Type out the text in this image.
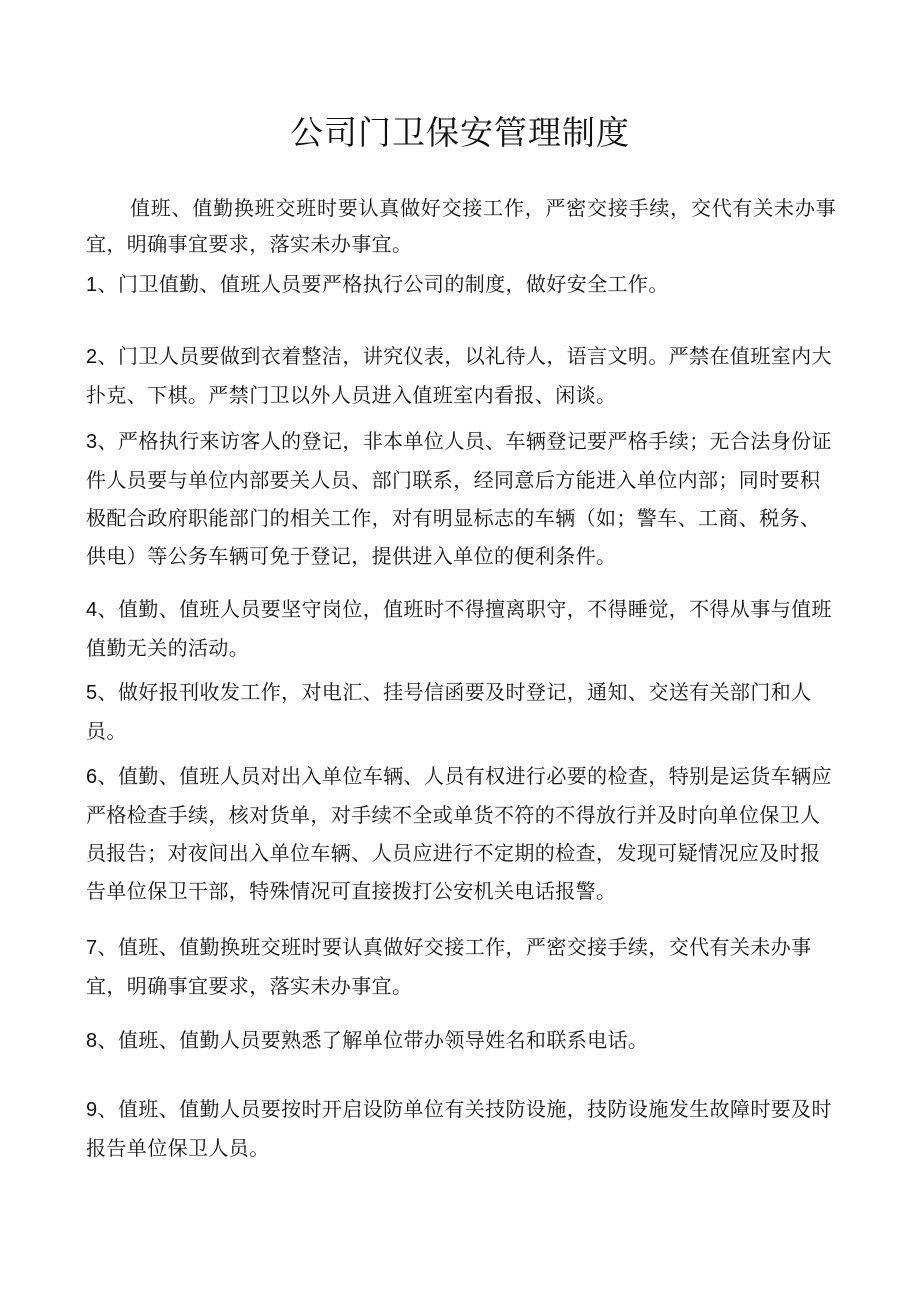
公司门卫保安管理制度

值班、值勤换班交班时要认真做好交接工作，严密交接手续，交代有关未办事宜，明确事宜要求，落实未办事宜。

1、门卫值勤、值班人员要严格执行公司的制度，做好安全工作。

2、门卫人员要做到衣着整洁，讲究仪表，以礼待人，语言文明。严禁在值班室内大扑克、下棋。严禁门卫以外人员进入值班室内看报、闲谈。

3、严格执行来访客人的登记，非本单位人员、车辆登记要严格手续；无合法身份证件人员要与单位内部要关人员、部门联系，经同意后方能进入单位内部；同时要积极配合政府职能部门的相关工作，对有明显标志的车辆（如；警车、工商、税务、供电）等公务车辆可免于登记，提供进入单位的便利条件。

4、值勤、值班人员要坚守岗位，值班时不得擅离职守，不得睡觉，不得从事与值班值勤无关的活动。

5、做好报刊收发工作，对电汇、挂号信函要及时登记，通知、交送有关部门和人员。

6、值勤、值班人员对出入单位车辆、人员有权进行必要的检查，特别是运货车辆应严格检查手续，核对货单，对手续不全或单货不符的不得放行并及时向单位保卫人员报告；对夜间出入单位车辆、人员应进行不定期的检查，发现可疑情况应及时报告单位保卫干部，特殊情况可直接拨打公安机关电话报警。

7、值班、值勤换班交班时要认真做好交接工作，严密交接手续，交代有关未办事宜，明确事宜要求，落实未办事宜。

8、值班、值勤人员要熟悉了解单位带办领导姓名和联系电话。

9、值班、值勤人员要按时开启设防单位有关技防设施，技防设施发生故障时要及时报告单位保卫人员。
